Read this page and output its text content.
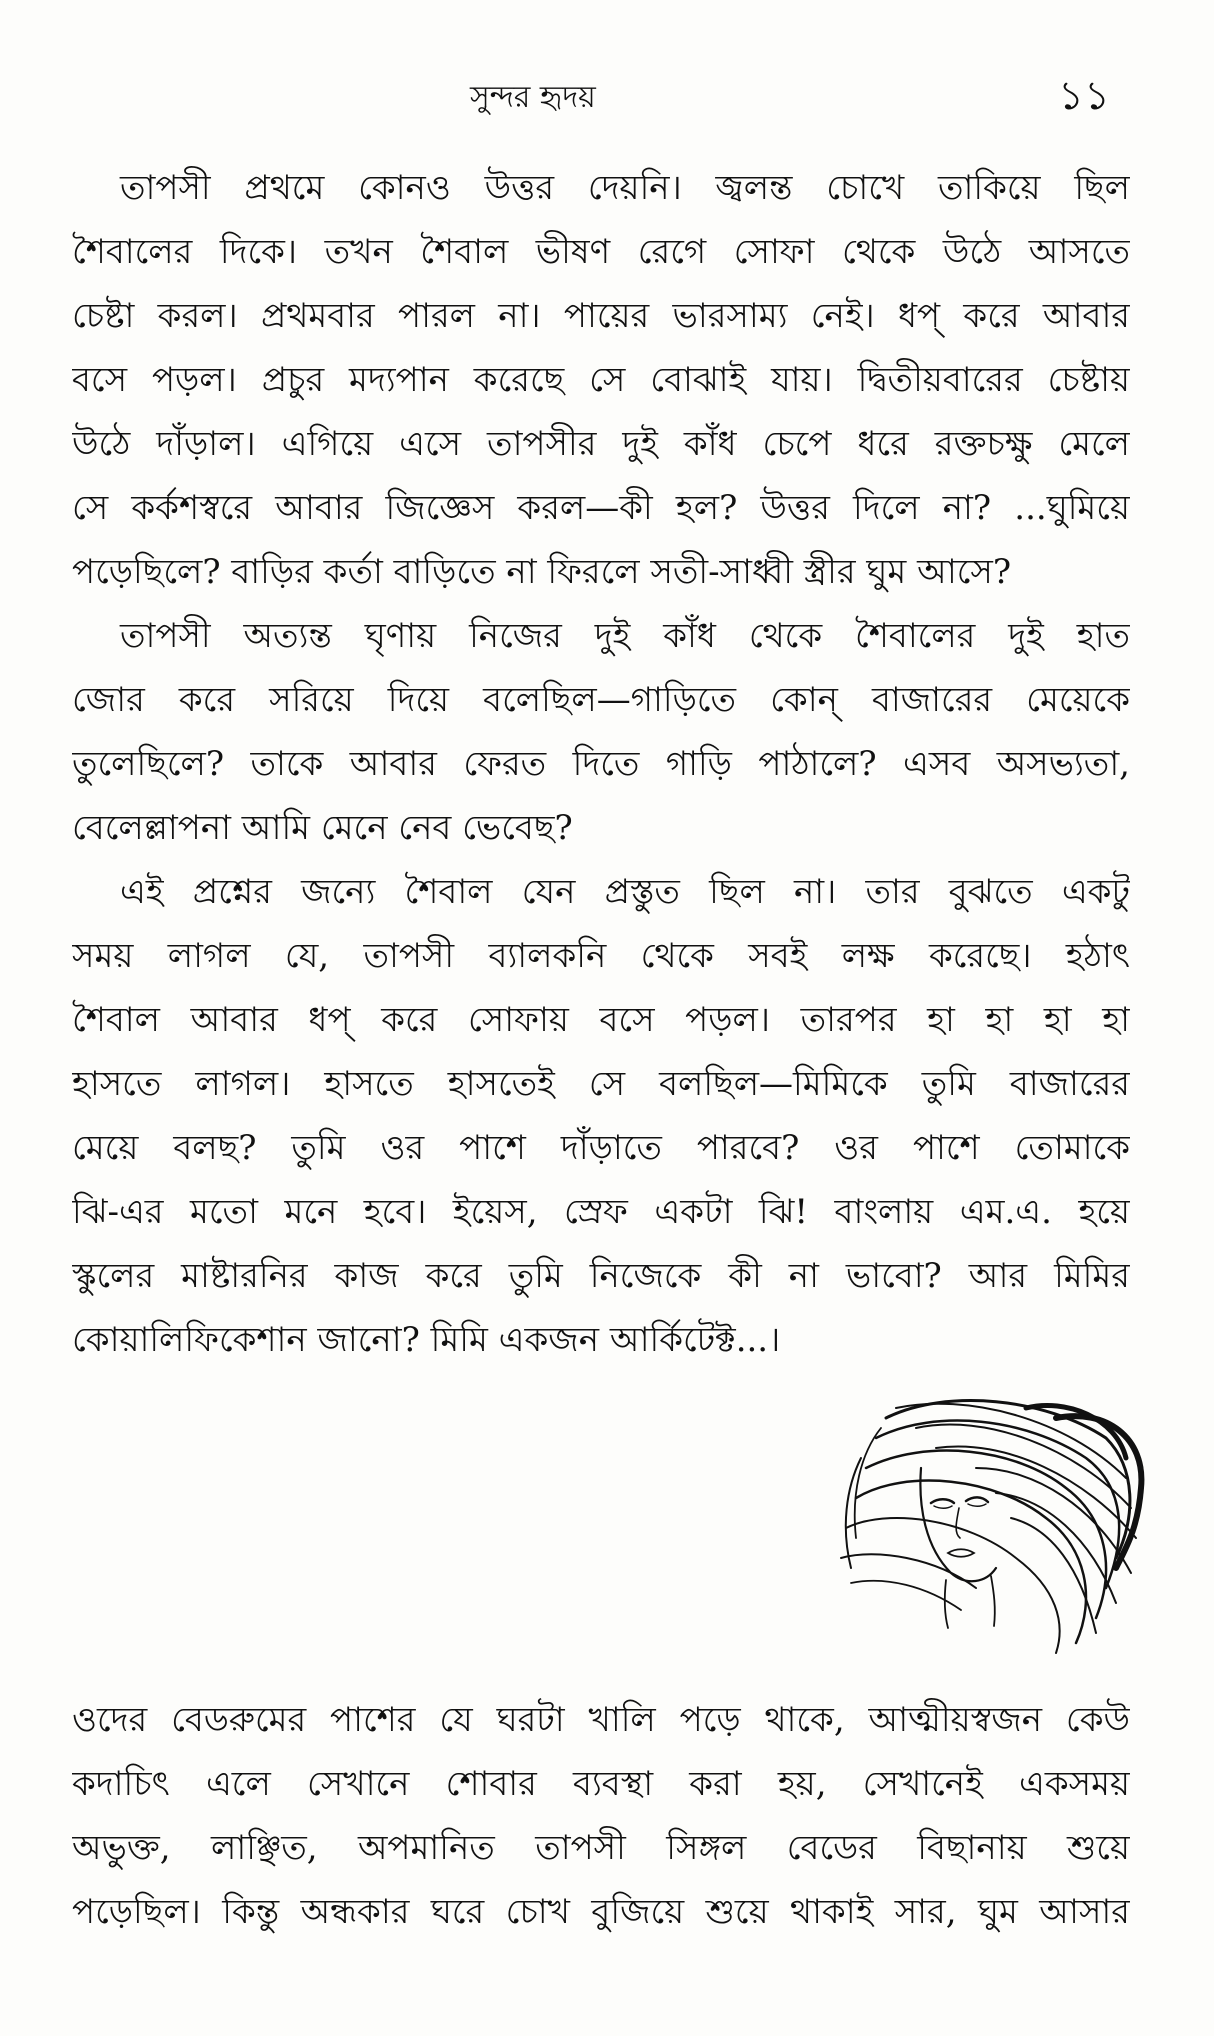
সুন্দর হৃদয়	১১
তাপসী প্রথমে কোনও উত্তর দেয়নি। জ্বলন্ত চোখে তাকিয়ে ছিল
শৈবালের দিকে। তখন শৈবাল ভীষণ রেগে সোফা থেকে উঠে আসতে
চেষ্টা করল। প্রথমবার পারল না। পায়ের ভারসাম্য নেই। ধপ্ করে আবার
বসে পড়ল। প্রচুর মদ্যপান করেছে সে বোঝাই যায়। দ্বিতীয়বারের চেষ্টায়
উঠে দাঁড়াল। এগিয়ে এসে তাপসীর দুই কাঁধ চেপে ধরে রক্তচক্ষু মেলে
সে কর্কশস্বরে আবার জিজ্ঞেস করল—কী হল? উত্তর দিলে না? ...ঘুমিয়ে
পড়েছিলে? বাড়ির কর্তা বাড়িতে না ফিরলে সতী-সাধ্বী স্ত্রীর ঘুম আসে?
তাপসী অত্যন্ত ঘৃণায় নিজের দুই কাঁধ থেকে শৈবালের দুই হাত
জোর করে সরিয়ে দিয়ে বলেছিল—গাড়িতে কোন্ বাজারের মেয়েকে
তুলেছিলে? তাকে আবার ফেরত দিতে গাড়ি পাঠালে? এসব অসভ্যতা,
বেলেল্লাপনা আমি মেনে নেব ভেবেছ?
এই প্রশ্নের জন্যে শৈবাল যেন প্রস্তুত ছিল না। তার বুঝতে একটু
সময় লাগল যে, তাপসী ব্যালকনি থেকে সবই লক্ষ করেছে। হঠাৎ
শৈবাল আবার ধপ্ করে সোফায় বসে পড়ল। তারপর হা হা হা হা
হাসতে লাগল। হাসতে হাসতেই সে বলছিল—মিমিকে তুমি বাজারের
মেয়ে বলছ? তুমি ওর পাশে দাঁড়াতে পারবে? ওর পাশে তোমাকে
ঝি-এর মতো মনে হবে। ইয়েস, স্রেফ একটা ঝি! বাংলায় এম.এ. হয়ে
স্কুলের মাষ্টারনির কাজ করে তুমি নিজেকে কী না ভাবো? আর মিমির
কোয়ালিফিকেশান জানো? মিমি একজন আর্কিটেক্ট...।
ওদের বেডরুমের পাশের যে ঘরটা খালি পড়ে থাকে, আত্মীয়স্বজন কেউ
কদাচিৎ এলে সেখানে শোবার ব্যবস্থা করা হয়, সেখানেই একসময়
অভুক্ত, লাঞ্ছিত, অপমানিত তাপসী সিঙ্গল বেডের বিছানায় শুয়ে
পড়েছিল। কিন্তু অন্ধকার ঘরে চোখ বুজিয়ে শুয়ে থাকাই সার, ঘুম আসার
